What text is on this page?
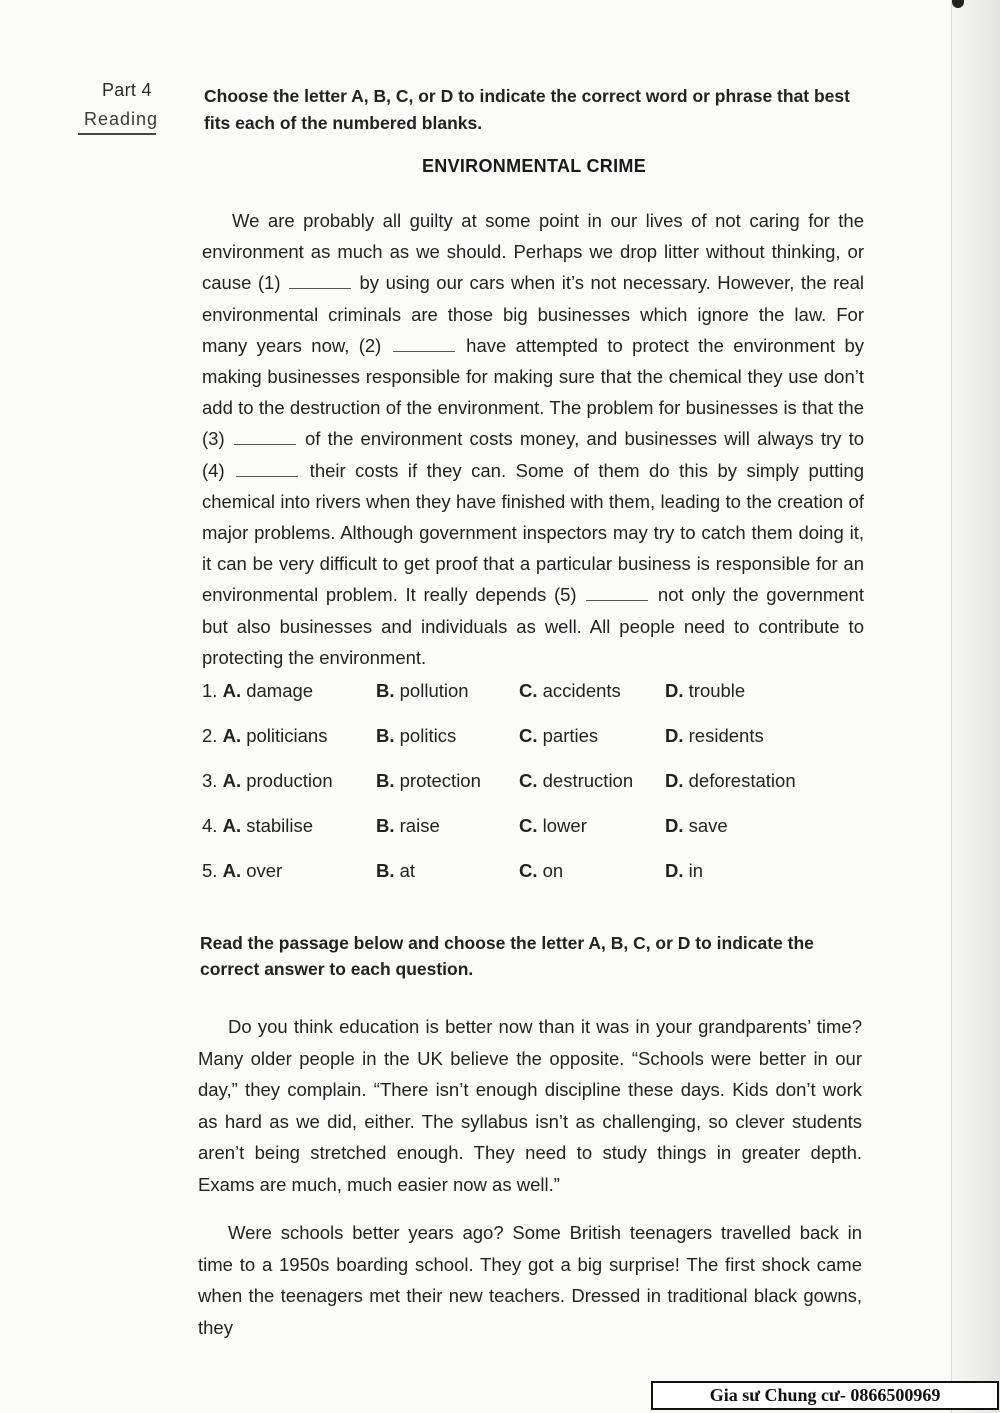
Part 4
Reading
Choose the letter A, B, C, or D to indicate the correct word or phrase that best fits each of the numbered blanks.
ENVIRONMENTAL CRIME

We are probably all guilty at some point in our lives of not caring for the environment as much as we should. Perhaps we drop litter without thinking, or cause (1)	by using our cars when it’s not necessary. However, the real environmental criminals are those big businesses which ignore the law. For many years now, (2)	have attempted to protect the environment by making businesses responsible for making sure that the chemical they use don’t add to the destruction of the environment. The problem for businesses is that the (3)	of the environment costs money, and businesses will always try to (4)	their costs if they can. Some of them do this by simply putting chemical into rivers when they have finished with them, leading to the creation of major problems. Although government inspectors may try to catch them doing it, it can be very difficult to get proof that a particular business is responsible for an environmental problem. It really depends (5)	not only the government but also businesses and individuals as well. All people need to contribute to protecting the environment.

1. A. damage	B. pollution	C. accidents D. trouble
2. A. politicians	B. politics	C. parties	D. residents
3. A. production B. protection C. destruction D. deforestation
4. A. stabilise	B. raise	C. lower	D. save
5. A. over	B. at	C. on	D. in
Read the passage below and choose the letter A, B, C, or D to indicate the correct answer to each question.

Do you think education is better now than it was in your grandparents’ time? Many older people in the UK believe the opposite. “Schools were better in our day,” they complain. “There isn’t enough discipline these days. Kids don’t work as hard as we did, either. The syllabus isn’t as challenging, so clever students aren’t being stretched enough. They need to study things in greater depth. Exams are much, much easier now as well.”

Were schools better years ago? Some British teenagers travelled back in time to a 1950s boarding school. They got a big surprise! The first shock came when the teenagers met their new teachers. Dressed in traditional black gowns, they

Gia sư Chung cư- 0866500969
